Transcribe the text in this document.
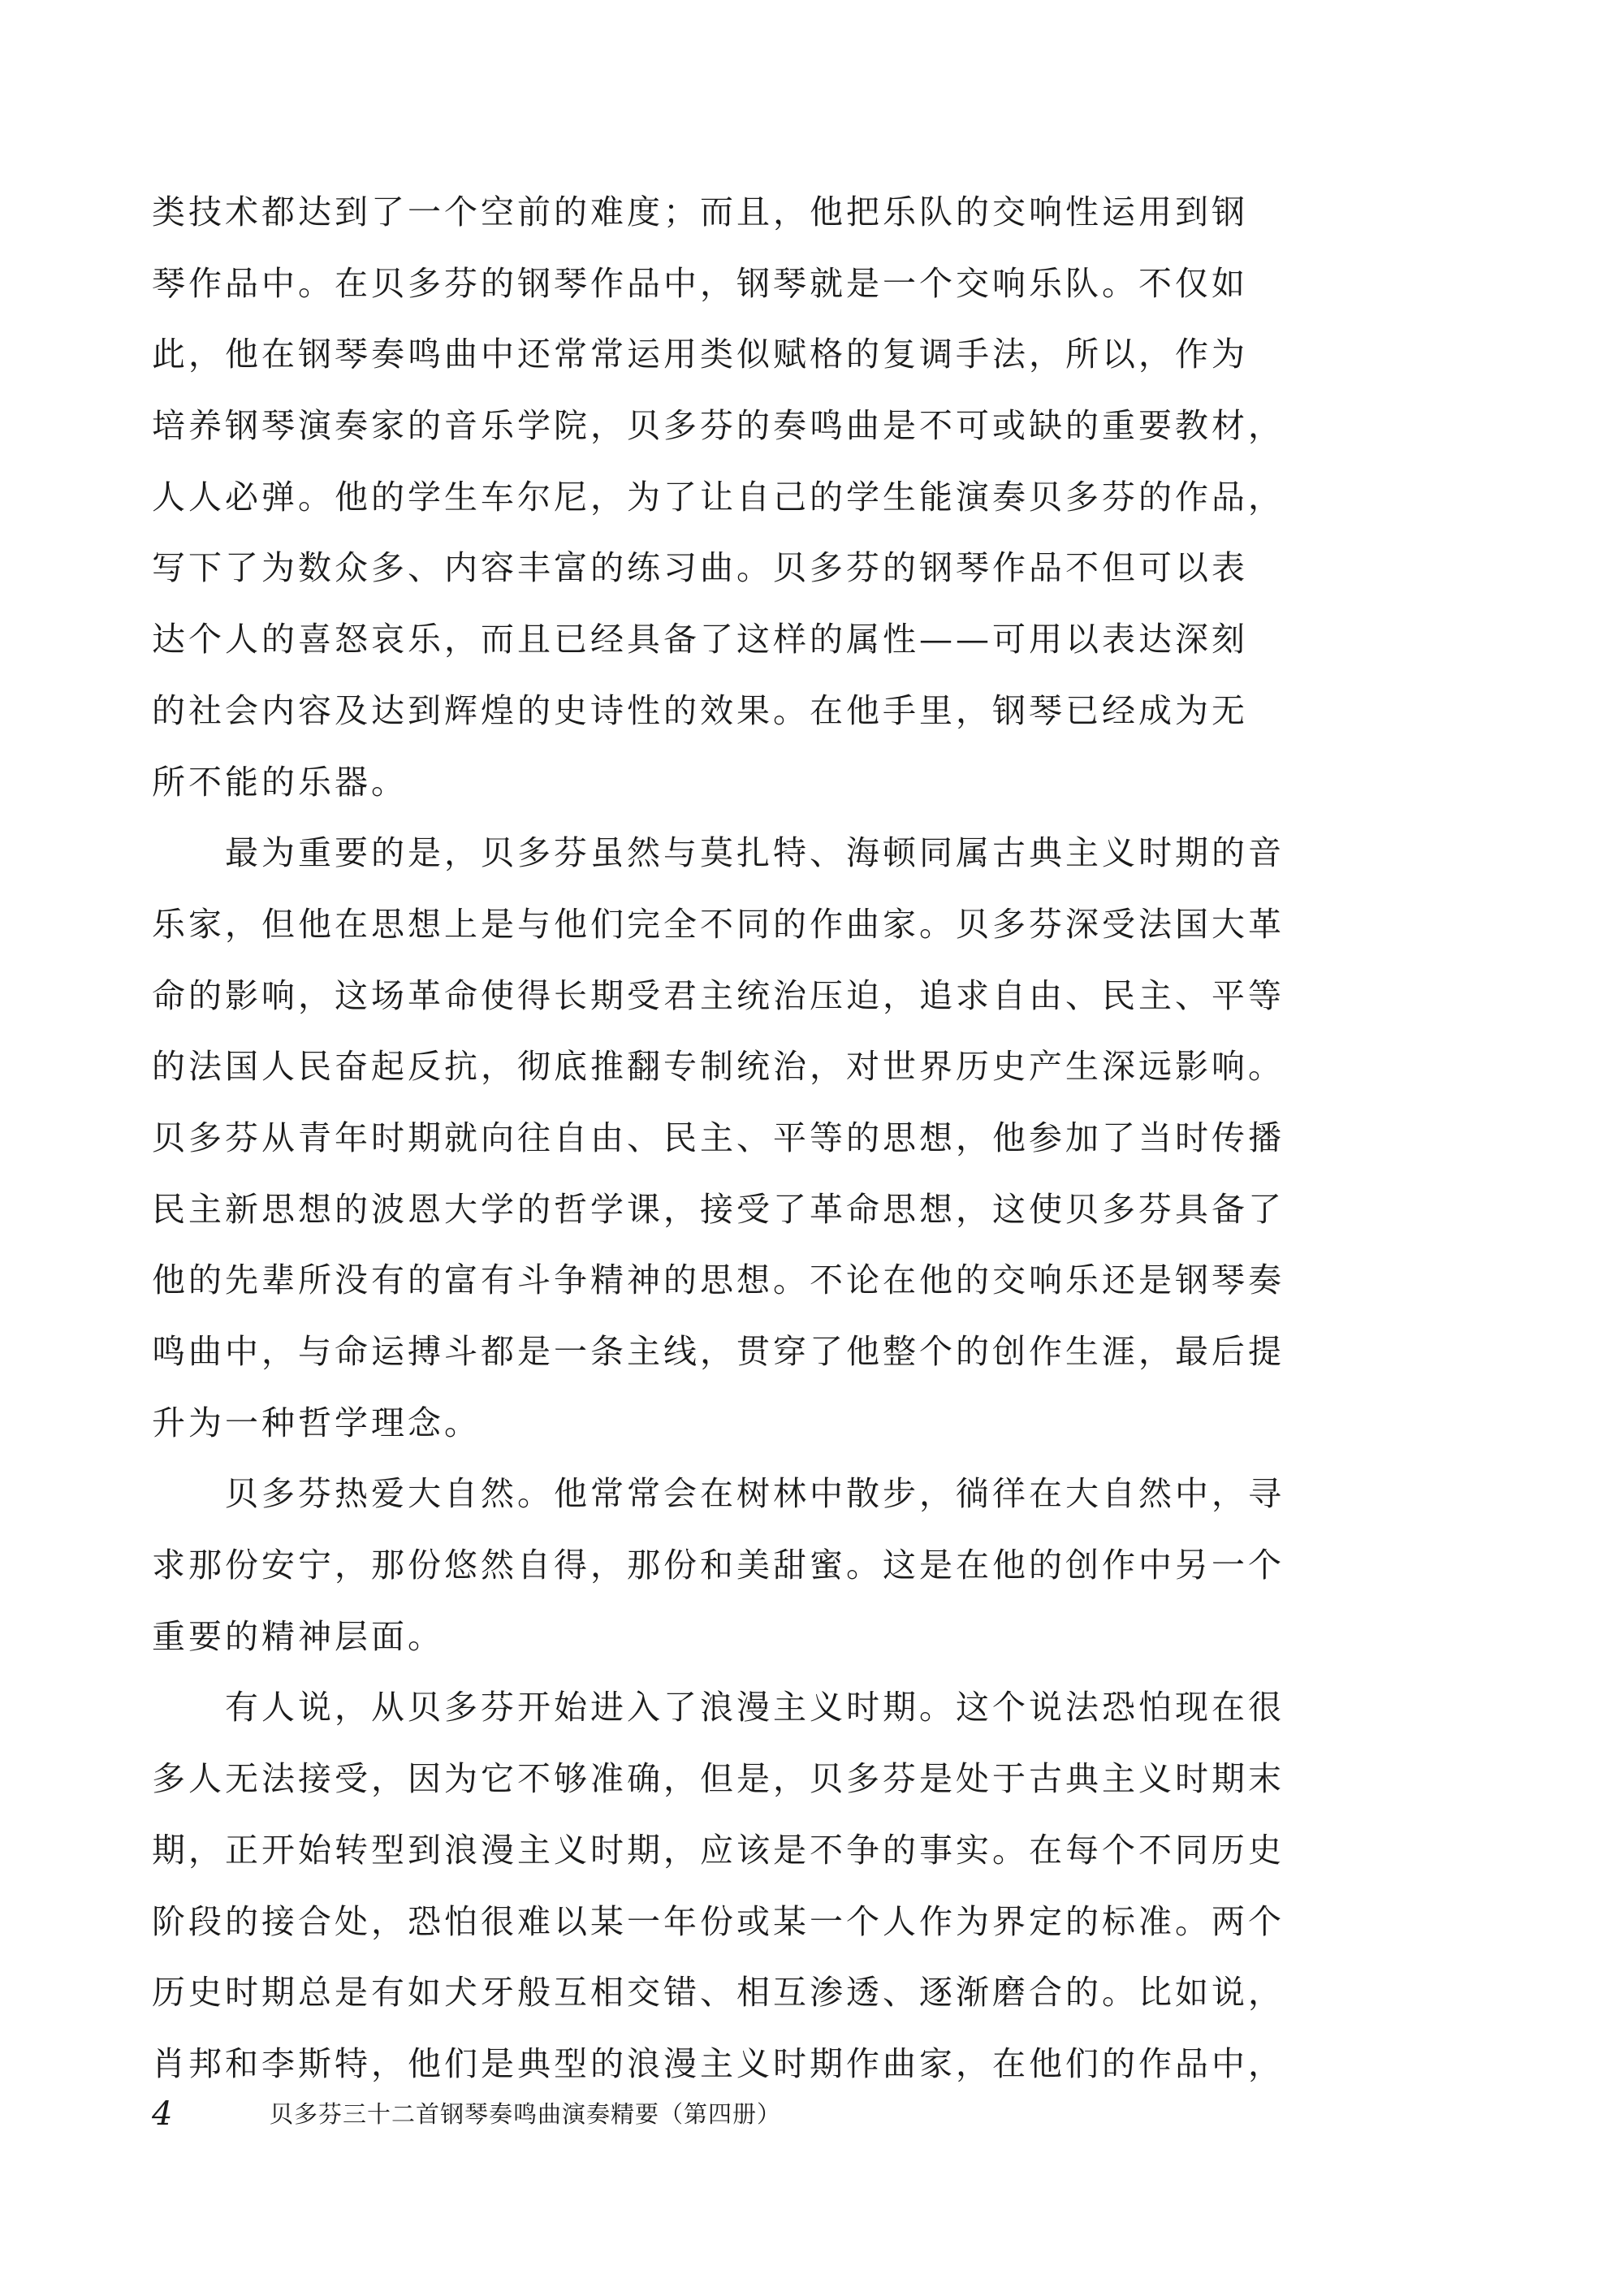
类技术都达到了一个空前的难度；而且，他把乐队的交响性运用到钢
琴作品中。在贝多芬的钢琴作品中，钢琴就是一个交响乐队。不仅如
此，他在钢琴奏鸣曲中还常常运用类似赋格的复调手法，所以，作为
培养钢琴演奏家的音乐学院，贝多芬的奏鸣曲是不可或缺的重要教材，
人人必弹。他的学生车尔尼，为了让自己的学生能演奏贝多芬的作品，
写下了为数众多、内容丰富的练习曲。贝多芬的钢琴作品不但可以表
达个人的喜怒哀乐，而且已经具备了这样的属性——可用以表达深刻
的社会内容及达到辉煌的史诗性的效果。在他手里，钢琴已经成为无
所不能的乐器。
　　最为重要的是，贝多芬虽然与莫扎特、海顿同属古典主义时期的音
乐家，但他在思想上是与他们完全不同的作曲家。贝多芬深受法国大革
命的影响，这场革命使得长期受君主统治压迫，追求自由、民主、平等
的法国人民奋起反抗，彻底推翻专制统治，对世界历史产生深远影响。
贝多芬从青年时期就向往自由、民主、平等的思想，他参加了当时传播
民主新思想的波恩大学的哲学课，接受了革命思想，这使贝多芬具备了
他的先辈所没有的富有斗争精神的思想。不论在他的交响乐还是钢琴奏
鸣曲中，与命运搏斗都是一条主线，贯穿了他整个的创作生涯，最后提
升为一种哲学理念。
　　贝多芬热爱大自然。他常常会在树林中散步，徜徉在大自然中，寻
求那份安宁，那份悠然自得，那份和美甜蜜。这是在他的创作中另一个
重要的精神层面。
　　有人说，从贝多芬开始进入了浪漫主义时期。这个说法恐怕现在很
多人无法接受，因为它不够准确，但是，贝多芬是处于古典主义时期末
期，正开始转型到浪漫主义时期，应该是不争的事实。在每个不同历史
阶段的接合处，恐怕很难以某一年份或某一个人作为界定的标准。两个
历史时期总是有如犬牙般互相交错、相互渗透、逐渐磨合的。比如说，
肖邦和李斯特，他们是典型的浪漫主义时期作曲家，在他们的作品中，
4	贝多芬三十二首钢琴奏鸣曲演奏精要（第四册）
